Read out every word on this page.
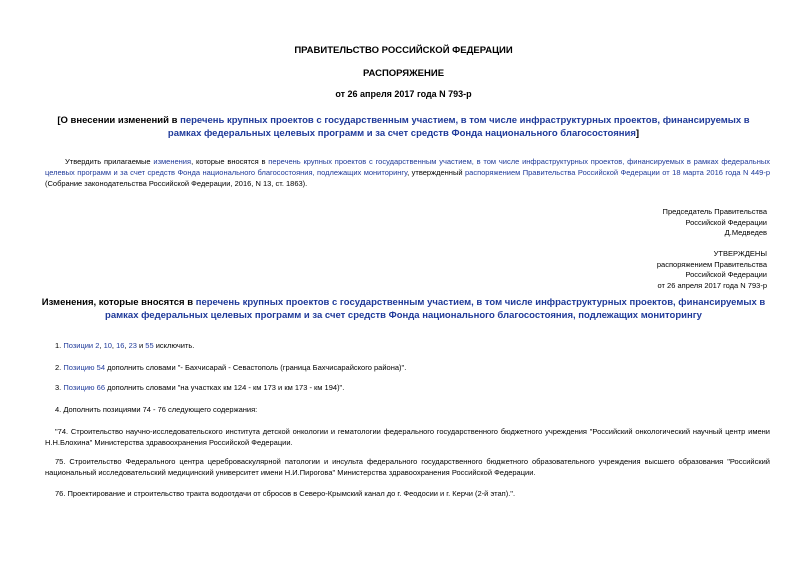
ПРАВИТЕЛЬСТВО РОССИЙСКОЙ ФЕДЕРАЦИИ
РАСПОРЯЖЕНИЕ
от 26 апреля 2017 года N 793-р
[О внесении изменений в перечень крупных проектов с государственным участием, в том числе инфраструктурных проектов, финансируемых в рамках федеральных целевых программ и за счет средств Фонда национального благосостояния]
Утвердить прилагаемые изменения, которые вносятся в перечень крупных проектов с государственным участием, в том числе инфраструктурных проектов, финансируемых в рамках федеральных целевых программ и за счет средств Фонда национального благосостояния, подлежащих мониторингу, утвержденный распоряжением Правительства Российской Федерации от 18 марта 2016 года N 449-р (Собрание законодательства Российской Федерации, 2016, N 13, ст. 1863).
Председатель Правительства
Российской Федерации
Д.Медведев
УТВЕРЖДЕНЫ
распоряжением Правительства
Российской Федерации
от 26 апреля 2017 года N 793-р
Изменения, которые вносятся в перечень крупных проектов с государственным участием, в том числе инфраструктурных проектов, финансируемых в рамках федеральных целевых программ и за счет средств Фонда национального благосостояния, подлежащих мониторингу
1. Позиции 2, 10, 16, 23 и 55 исключить.
2. Позицию 54 дополнить словами "- Бахчисарай - Севастополь (граница Бахчисарайского района)".
3. Позицию 66 дополнить словами "на участках км 124 - км 173 и км 173 - км 194)".
4. Дополнить позициями 74 - 76 следующего содержания:
"74. Строительство научно-исследовательского института детской онкологии и гематологии федерального государственного бюджетного учреждения "Российский онкологический научный центр имени Н.Н.Блохина" Министерства здравоохранения Российской Федерации.
75. Строительство Федерального центра цереброваскулярной патологии и инсульта федерального государственного бюджетного образовательного учреждения высшего образования "Российский национальный исследовательский медицинский университет имени Н.И.Пирогова" Министерства здравоохранения Российской Федерации.
76. Проектирование и строительство тракта водоотдачи от сбросов в Северо-Крымский канал до г. Феодосии и г. Керчи (2-й этап).".
